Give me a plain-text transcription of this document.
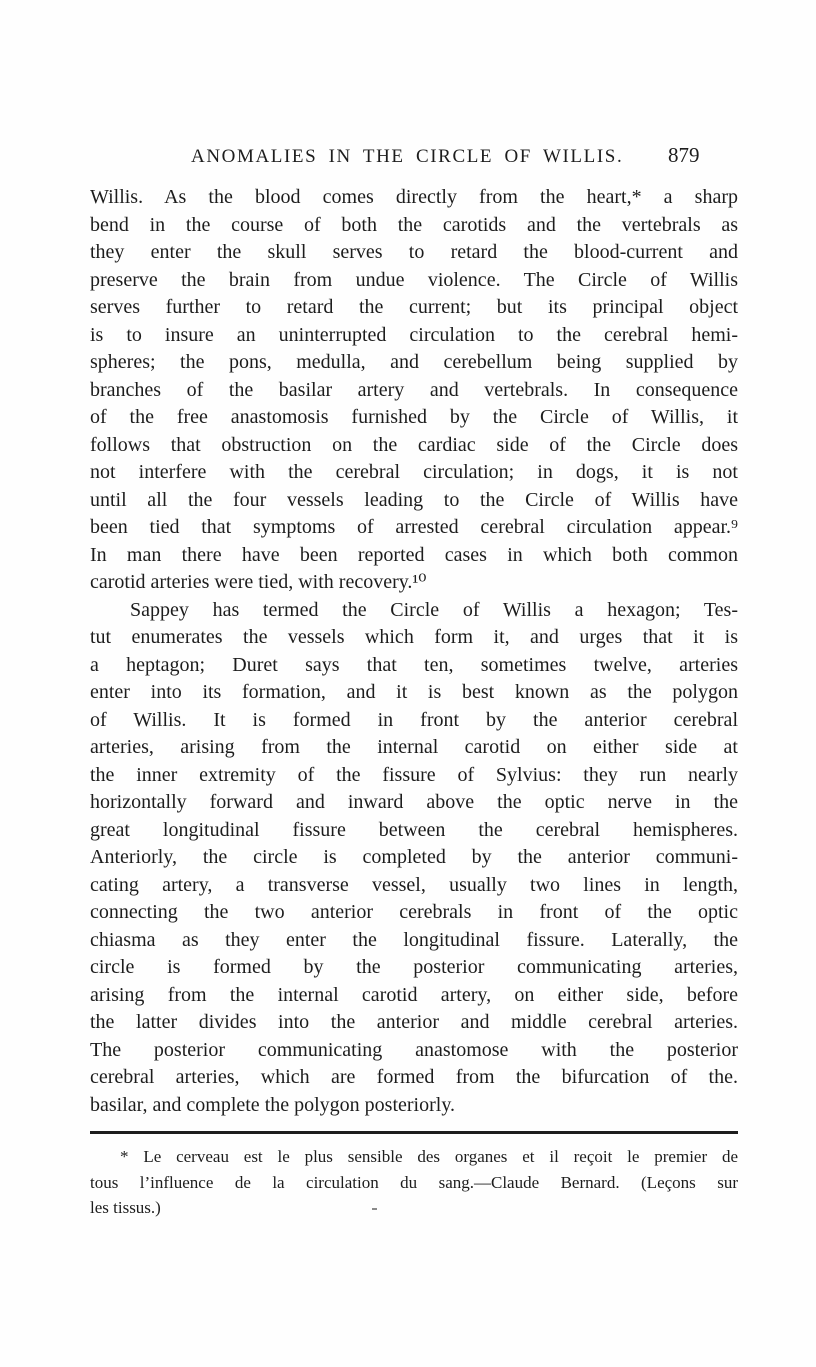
ANOMALIES IN THE CIRCLE OF WILLIS. 879
Willis. As the blood comes directly from the heart,* a sharp
bend in the course of both the carotids and the vertebrals as
they enter the skull serves to retard the blood-current and
preserve the brain from undue violence. The Circle of Willis
serves further to retard the current; but its principal object
is to insure an uninterrupted circulation to the cerebral hemi-
spheres; the pons, medulla, and cerebellum being supplied by
branches of the basilar artery and vertebrals. In consequence
of the free anastomosis furnished by the Circle of Willis, it
follows that obstruction on the cardiac side of the Circle does
not interfere with the cerebral circulation; in dogs, it is not
until all the four vessels leading to the Circle of Willis have
been tied that symptoms of arrested cerebral circulation appear.⁹
In man there have been reported cases in which both common
carotid arteries were tied, with recovery.¹⁰
Sappey has termed the Circle of Willis a hexagon; Tes-
tut enumerates the vessels which form it, and urges that it is
a heptagon; Duret says that ten, sometimes twelve, arteries
enter into its formation, and it is best known as the polygon
of Willis. It is formed in front by the anterior cerebral
arteries, arising from the internal carotid on either side at
the inner extremity of the fissure of Sylvius: they run nearly
horizontally forward and inward above the optic nerve in the
great longitudinal fissure between the cerebral hemispheres.
Anteriorly, the circle is completed by the anterior communi-
cating artery, a transverse vessel, usually two lines in length,
connecting the two anterior cerebrals in front of the optic
chiasma as they enter the longitudinal fissure. Laterally, the
circle is formed by the posterior communicating arteries,
arising from the internal carotid artery, on either side, before
the latter divides into the anterior and middle cerebral arteries.
The posterior communicating anastomose with the posterior
cerebral arteries, which are formed from the bifurcation of the.
basilar, and complete the polygon posteriorly.
* Le cerveau est le plus sensible des organes et il reçoit le premier de
tous l’influence de la circulation du sang.—Claude Bernard. (Leçons sur
les tissus.)
